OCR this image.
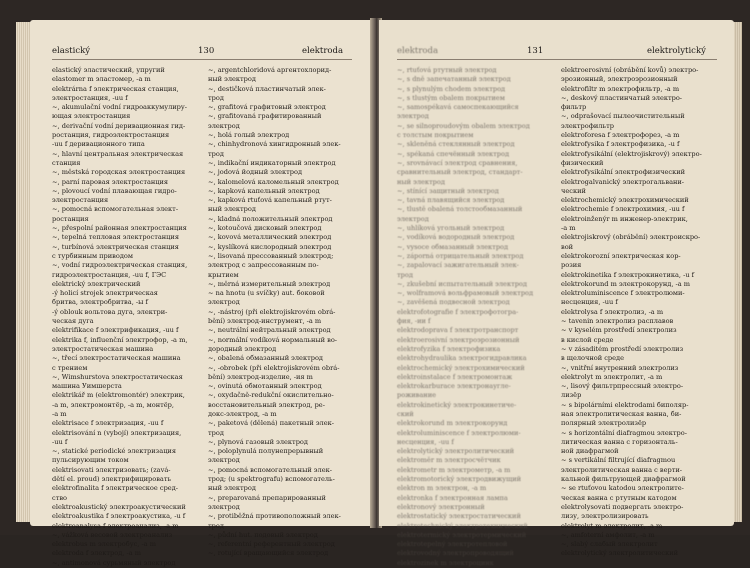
elastický	130	elektroda
elastický эластический, упругий
elastomer m эластомер, -a m
elektrárna f электрическая станция,
электростанция, -uu f
~, akumulační vodní гидроаккумулиру-
ющая электростанция
~, derivační vodní деривационная гид-
ростанция, гидроэлектростанция
-uu f деривационного типа
~, hlavní центральная электрическая
станция
~, městská городская электростанция
~, parní паровая электростанция
~, plovoucí vodní плавающая гидро-
электростанция
~, pomocná вспомогательная элект-
ростанция
~, přespolní районная электростанция
~, tepelná тепловая электростанция
~, turbínová электрическая станция
с турбинным приводом
~, vodní гидроэлектрическая станция,
гидроэлектростанция, -uu f, ГЭС
elektrický электрический
-ý holicí strojek электрическая
бритва, электробритва, -ы f
-ý oblouk вольтова дуга, электри-
ческая дуга
elektrifikace f электрификация, -uu f
elektrika f, influenční электрофор, -a m,
электростатическая машина
~, třecí электростатическая машина
с трением
~, Wimshurstova электростатическая
машина Уимшерста
elektrikář m (elektromontér) электрик,
-a m, электромонтёр, -a m, монтёр,
-a m
elektrisace f электризация, -uu f
elektrisování n (vybojí) электризация,
-uu f
~, statické periodické электризация
пульсирующим током
elektrisovati электризовать; (zavá-
dětí el. proud) электрифицировать
elektrofinalita f электрическое сред-
ство
elektroakustický электроакустический
elektroakustika f электроакустика, -u f
elektroanalysa f электроанализ, -a m
~, vážková весовой электроанализ
elektrobus m электробус, -a m
elektroda f электрод, -a m
~, antimonová сурьмяный электрод
~, argentchloridová аргентохлорид-
ный электрод
~, destičková пластинчатый элек-
трод
~, grafitová графитовый электрод
~, grafitovaná графитированный
электрод
~, holá голый электрод
~, chinhydronová хингидронный элек-
трод
~, indikační индикаторный электрод
~, jodová йодный электрод
~, kalomelová каломельный электрод
~, kapková капельный электрод
~, kapková rtuťová капельный ртут-
ный электрод
~, kladná положительный электрод
~, kotoučová дисковый электрод
~, kovová металлический электрод
~, kyslíková кислородный электрод
~, lisovaná прессованный электрод;
электрод с запрессованным по-
крытием
~, měrná измерительный электрод
~ na hnotu (u svíčky) aut. боковой
электрод
~, -nástroj (při elektrojiskrovém obrá-
bění) электрод-инструмент, -a m
~, neutrální нейтральный электрод
~, normální vodíková нормальный во-
дородный электрод
~, obalená обмазанный электрод
~, -obrobek (při elektrojiskrovém obrá-
bění) электрод-изделие, -ия m
~, ovinutá обмотанный электрод
~, oxydačně-redukční окислительно-
восстановительный электрод, ре-
докс-электрод, -а m
~, paketová (dělená) пакетный элек-
трод
~, plynová газовый электрод
~, poloplynulá полунепрерывный
электрод
~, pomocná вспомогательный элек-
трод; (u spektrografu) вспомогатель-
ный электрод
~, preparovaná препарированный
электрод
~, protiběžná противоположный элек-
трод
~, půdní hut. подовый электрод
~, referentní референтный электрод
~, rotující вращающийся электрод
elektroda	131	elektrolytický
~, rtuťová ртутный электрод
~, s dně запечатанный электрод
~, s plynulým chodem электрод
~, s tlustým obalem покрытием
~, samospékavá самоспекающийся
электрод
~, se silnoproudovým obalem электрод
с толстым покрытием
~, skleněná стеклянный электрод
~, spékaná спечённый электрод
~, srovnávací электрод сравнения,
сравнительный электрод, стандарт-
ный электрод
~, stínící защитный электрод
~, tavná плавящийся электрод
~, tlustě obalená толстообмазанный
электрод
~, uhlíková угольный электрод
~, vodíková водородный электрод
~, vysoce обмазанный электрод
~, záporná отрицательный электрод
~, zapalovací зажигательный элек-
трод
~, zkušební испытательный электрод
~, wolframová вольфрамовый электрод
~, zavěšená подвесной электрод
elektrofotografie f электрофотогра-
фия, -ии f
elektrodoprava f электротранспорт
elektroerosivní электроэрозионный
elektrofyzika f электрофизика
elektrohydraulika электрогидравлика
elektrochemický электрохимический
elektroinstalace f электромонтаж
elektrokarburace электронаугле-
роживание
elektrokinetický электрокинетиче-
ский
elektrokorund m электрокорунд
elektroluminiscence f электролюми-
несценция, -uu f
elektrolytický электролитический
elektroměr m электросчётчик
elektrometr m электрометр, -a m
elektromotorický электродвижущий
elektron m электрон, -a m
elektronka f электронная лампа
elektronový электронный
elektrostatický электростатический
elektrotechnický электротехнический
elektrotermický электротермический
elektrotepelný электротепловой
elektrovodný электропроводящий
elektrozinek m электроцинк
elektroerosivní (obrábění kovů) электро-
эрозионный, электроэрозионный
elektrofiltr m электрофильтр, -a m
~, deskový пластинчатый электро-
фильтр
~, odprašovací пылеочистительный
электрофильтр
elektroforesa f электрофорез, -a m
elektrofysika f электрофизика, -u f
elektrofysikální (elektrojiskrový) электро-
физический
elektrofysikální электрофизический
elektrogalvanický электрогальвани-
ческий
elektrochemický электрохимический
elektrochemie f электрохимия, -uu f
elektroinženýr m инженер-электрик,
-a m
elektrojiskrový (obrábění) электроискро-
вой
elektrokorozní электрическая кор-
розия
elektrokinetika f электрокинетика, -u f
elektrokorund m электрокорунд, -a m
elektroluminiscence f электролюми-
несценция, -uu f
elektrolysa f электролиз, -a m
~ tavenin электролиз расплавов
~ v kyselém prostředí электролиз
в кислой среде
~ v zásaditém prostředí электролиз
в щелочной среде
~, vnitřní внутренний электролиз
elektrolyt m электролит, -a m
~, lisový фильтрпрессный электро-
лизёр
~ s bipolárními elektrodami биполяр-
ная электролитическая ванна, би-
полярный электролизёр
~ s horizontální diafragmou электро-
литическая ванна с горизонталь-
ной диафрагмой
~ s vertikální filtrující diafragmou
электролитическая ванна с верти-
кальной фильтрующей диафрагмой
~ se rtuťovou katodou электролите-
ческая ванна с ртутным катодом
elektrolysovati подвергать электро-
лизу, электролизировать
elektrolyt m электролит, -a m
~, amfoterní амфолит, -a m
~, slabý слабый электролит
elektrolytický электролитический
